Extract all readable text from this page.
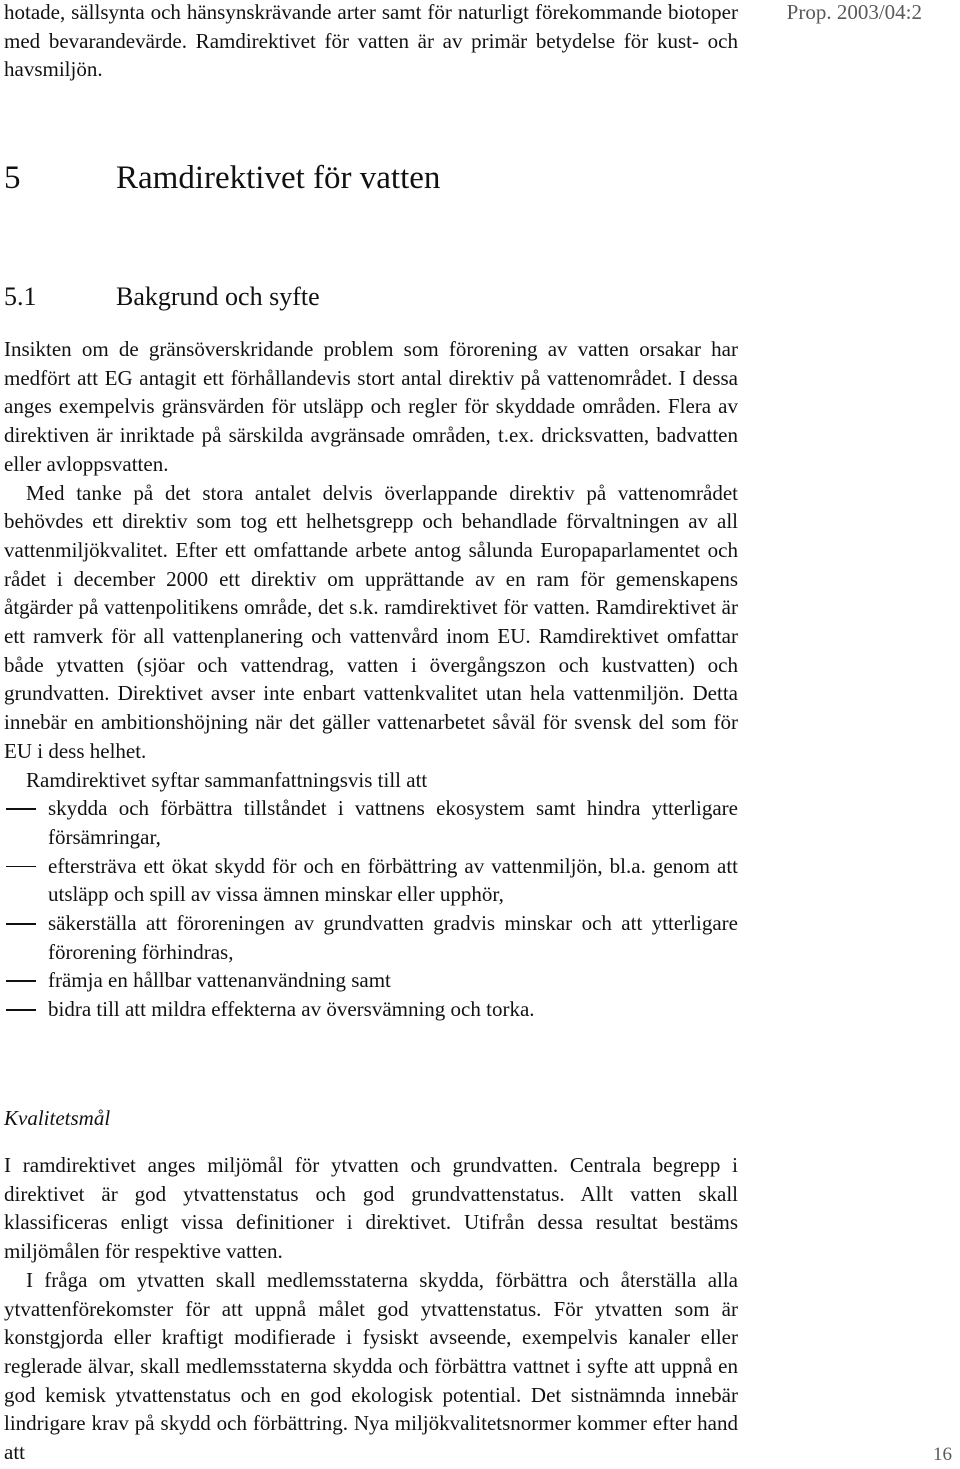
Prop. 2003/04:2

hotade, sällsynta och hänsynskrävande arter samt för naturligt förekommande biotoper med bevarandevärde. Ramdirektivet för vatten är av primär betydelse för kust- och havsmiljön.

5	Ramdirektivet för vatten
5.1	Bakgrund och syfte

Insikten om de gränsöverskridande problem som förorening av vatten orsakar har medfört att EG antagit ett förhållandevis stort antal direktiv på vattenområdet. I dessa anges exempelvis gränsvärden för utsläpp och regler för skyddade områden. Flera av direktiven är inriktade på särskilda avgränsade områden, t.ex. dricksvatten, badvatten eller avloppsvatten.

Med tanke på det stora antalet delvis överlappande direktiv på vattenområdet behövdes ett direktiv som tog ett helhetsgrepp och behandlade förvaltningen av all vattenmiljökvalitet. Efter ett omfattande arbete antog sålunda Europaparlamentet och rådet i december 2000 ett direktiv om upprättande av en ram för gemenskapens åtgärder på vattenpolitikens område, det s.k. ramdirektivet för vatten. Ramdirektivet är ett ramverk för all vattenplanering och vattenvård inom EU. Ramdirektivet omfattar både ytvatten (sjöar och vattendrag, vatten i övergångszon och kustvatten) och grundvatten. Direktivet avser inte enbart vattenkvalitet utan hela vattenmiljön. Detta innebär en ambitionshöjning när det gäller vattenarbetet såväl för svensk del som för EU i dess helhet.

Ramdirektivet syftar sammanfattningsvis till att

skydda och förbättra tillståndet i vattnens ekosystem samt hindra ytterligare försämringar,
eftersträva ett ökat skydd för och en förbättring av vattenmiljön, bl.a. genom att utsläpp och spill av vissa ämnen minskar eller upphör,
säkerställa att föroreningen av grundvatten gradvis minskar och att ytterligare förorening förhindras,
främja en hållbar vattenanvändning samt
bidra till att mildra effekterna av översvämning och torka.
Kvalitetsmål

I ramdirektivet anges miljömål för ytvatten och grundvatten. Centrala begrepp i direktivet är god ytvattenstatus och god grundvattenstatus. Allt vatten skall klassificeras enligt vissa definitioner i direktivet. Utifrån dessa resultat bestäms miljömålen för respektive vatten.

I fråga om ytvatten skall medlemsstaterna skydda, förbättra och återställa alla ytvattenförekomster för att uppnå målet god ytvattenstatus. För ytvatten som är konstgjorda eller kraftigt modifierade i fysiskt avseende, exempelvis kanaler eller reglerade älvar, skall medlemsstaterna skydda och förbättra vattnet i syfte att uppnå en god kemisk ytvattenstatus och en god ekologisk potential. Det sistnämnda innebär lindrigare krav på skydd och förbättring. Nya miljökvalitetsnormer kommer efter hand att	16
